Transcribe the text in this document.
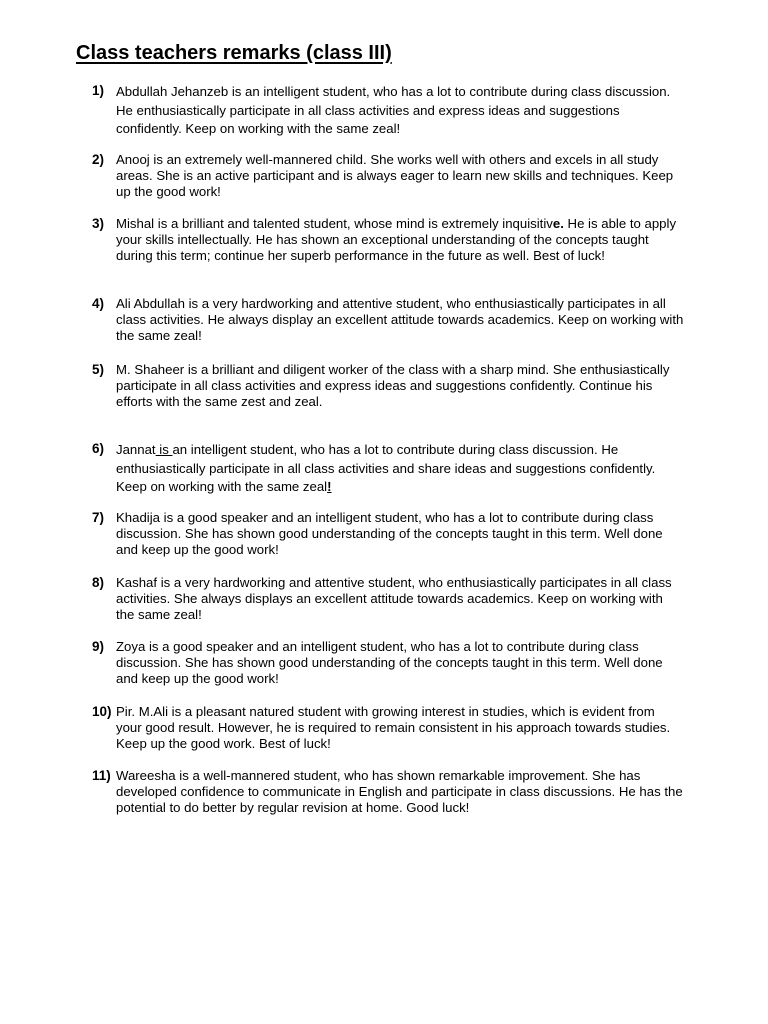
Class teachers remarks (class III)
1) Abdullah Jehanzeb is an intelligent student, who has a lot to contribute during class discussion. He enthusiastically participate in all class activities and express ideas and suggestions confidently. Keep on working with the same zeal!
2) Anooj is an extremely well-mannered child. She works well with others and excels in all study areas. She is an active participant and is always eager to learn new skills and techniques. Keep up the good work!
3) Mishal is a brilliant and talented student, whose mind is extremely inquisitive. He is able to apply your skills intellectually. He has shown an exceptional understanding of the concepts taught during this term; continue her superb performance in the future as well. Best of luck!
4) Ali Abdullah is a very hardworking and attentive student, who enthusiastically participates in all class activities. He always display an excellent attitude towards academics. Keep on working with the same zeal!
5) M. Shaheer is a brilliant and diligent worker of the class with a sharp mind. She enthusiastically participate in all class activities and express ideas and suggestions confidently. Continue his efforts with the same zest and zeal.
6) Jannat is an intelligent student, who has a lot to contribute during class discussion. He enthusiastically participate in all class activities and share ideas and suggestions confidently. Keep on working with the same zeal!
7) Khadija is a good speaker and an intelligent student, who has a lot to contribute during class discussion. She has shown good understanding of the concepts taught in this term. Well done and keep up the good work!
8) Kashaf is a very hardworking and attentive student, who enthusiastically participates in all class activities. She always displays an excellent attitude towards academics. Keep on working with the same zeal!
9) Zoya is a good speaker and an intelligent student, who has a lot to contribute during class discussion. She has shown good understanding of the concepts taught in this term. Well done and keep up the good work!
10) Pir. M.Ali is a pleasant natured student with growing interest in studies, which is evident from your good result. However, he is required to remain consistent in his approach towards studies. Keep up the good work. Best of luck!
11) Wareesha is a well-mannered student, who has shown remarkable improvement. She has developed confidence to communicate in English and participate in class discussions. He has the potential to do better by regular revision at home. Good luck!
